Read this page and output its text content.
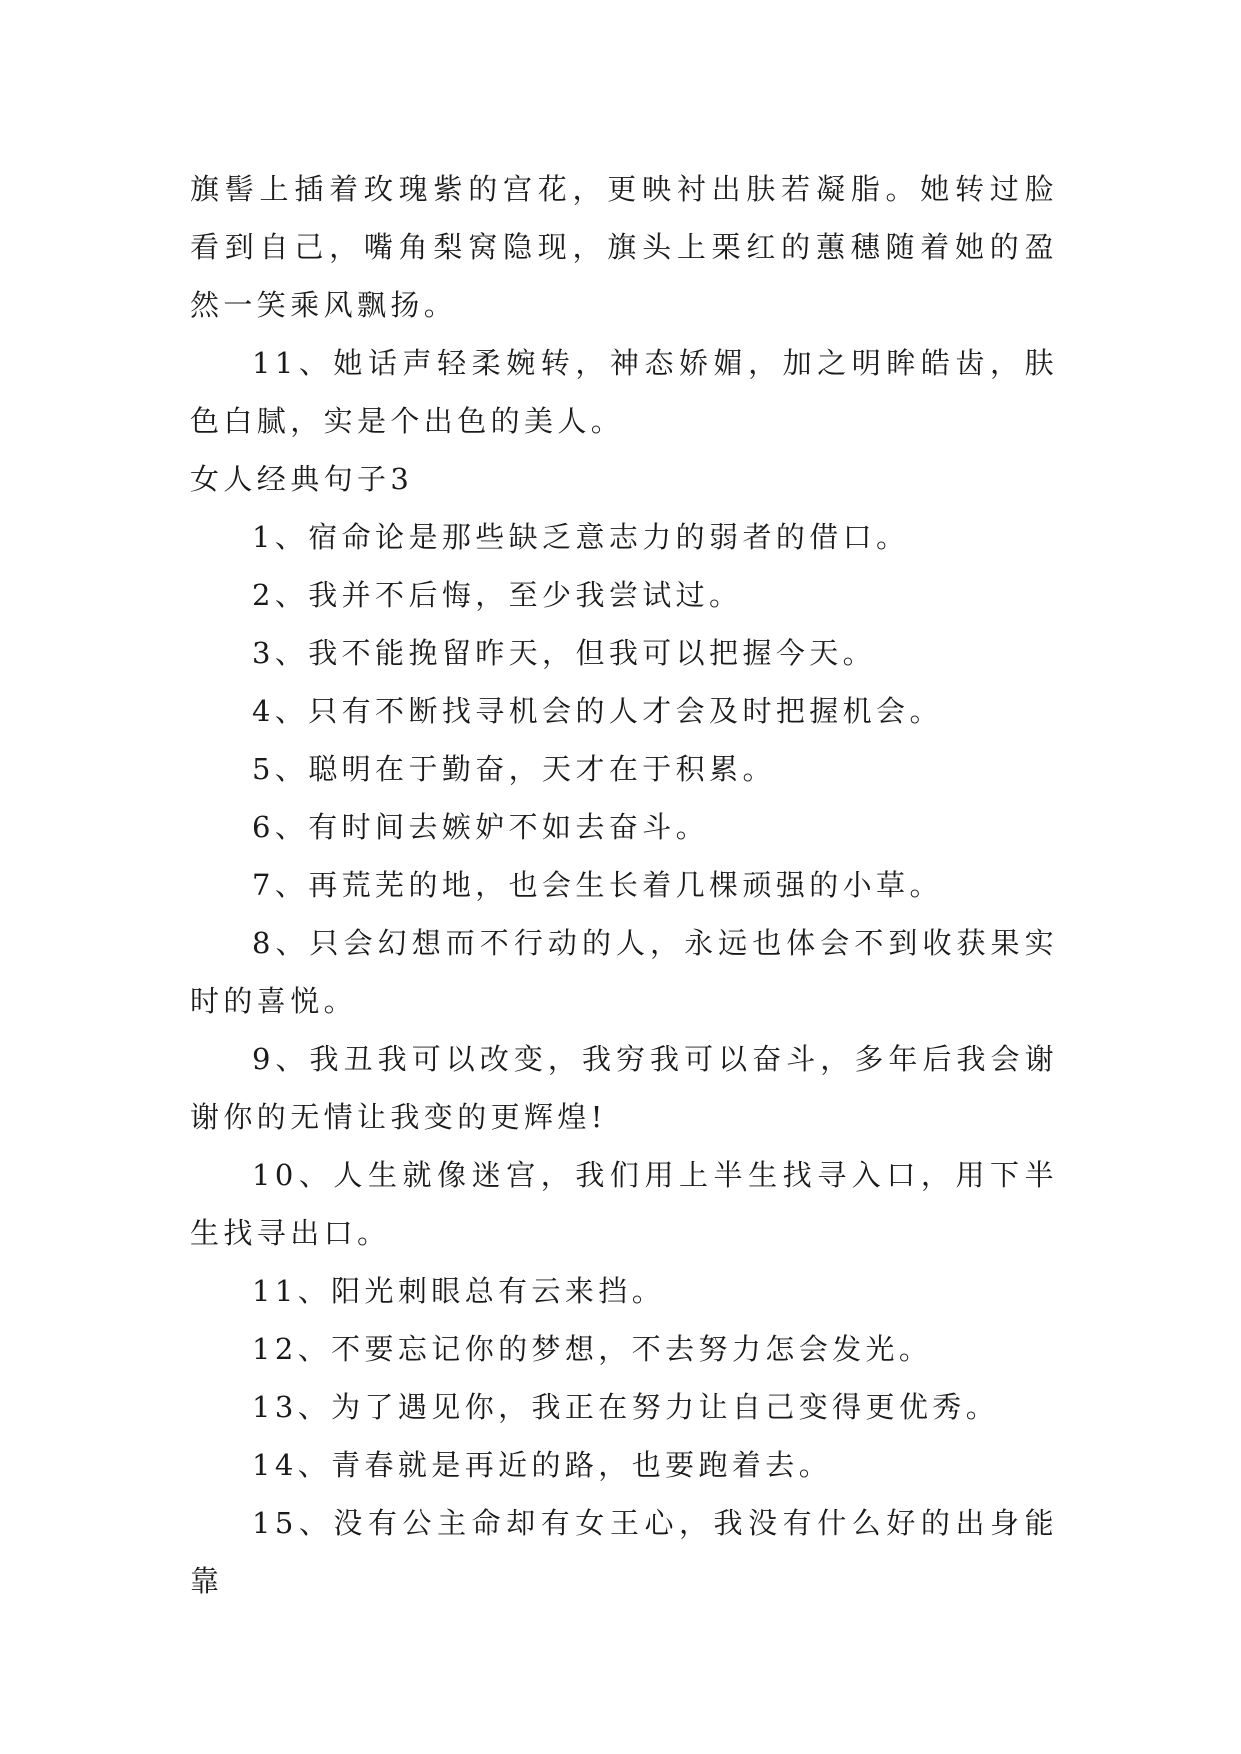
旗髻上插着玫瑰紫的宫花，更映衬出肤若凝脂。她转过脸看到自己，嘴角梨窝隐现，旗头上栗红的蕙穗随着她的盈然一笑乘风飘扬。

11、她话声轻柔婉转，神态娇媚，加之明眸皓齿，肤色白腻，实是个出色的美人。

女人经典句子3

1、宿命论是那些缺乏意志力的弱者的借口。

2、我并不后悔，至少我尝试过。

3、我不能挽留昨天，但我可以把握今天。

4、只有不断找寻机会的人才会及时把握机会。

5、聪明在于勤奋，天才在于积累。

6、有时间去嫉妒不如去奋斗。

7、再荒芜的地，也会生长着几棵顽强的小草。

8、只会幻想而不行动的人，永远也体会不到收获果实时的喜悦。

9、我丑我可以改变，我穷我可以奋斗，多年后我会谢谢你的无情让我变的更辉煌!

10、人生就像迷宫，我们用上半生找寻入口，用下半生找寻出口。

11、阳光刺眼总有云来挡。

12、不要忘记你的梦想，不去努力怎会发光。

13、为了遇见你，我正在努力让自己变得更优秀。

14、青春就是再近的路，也要跑着去。

15、没有公主命却有女王心，我没有什么好的出身能靠
